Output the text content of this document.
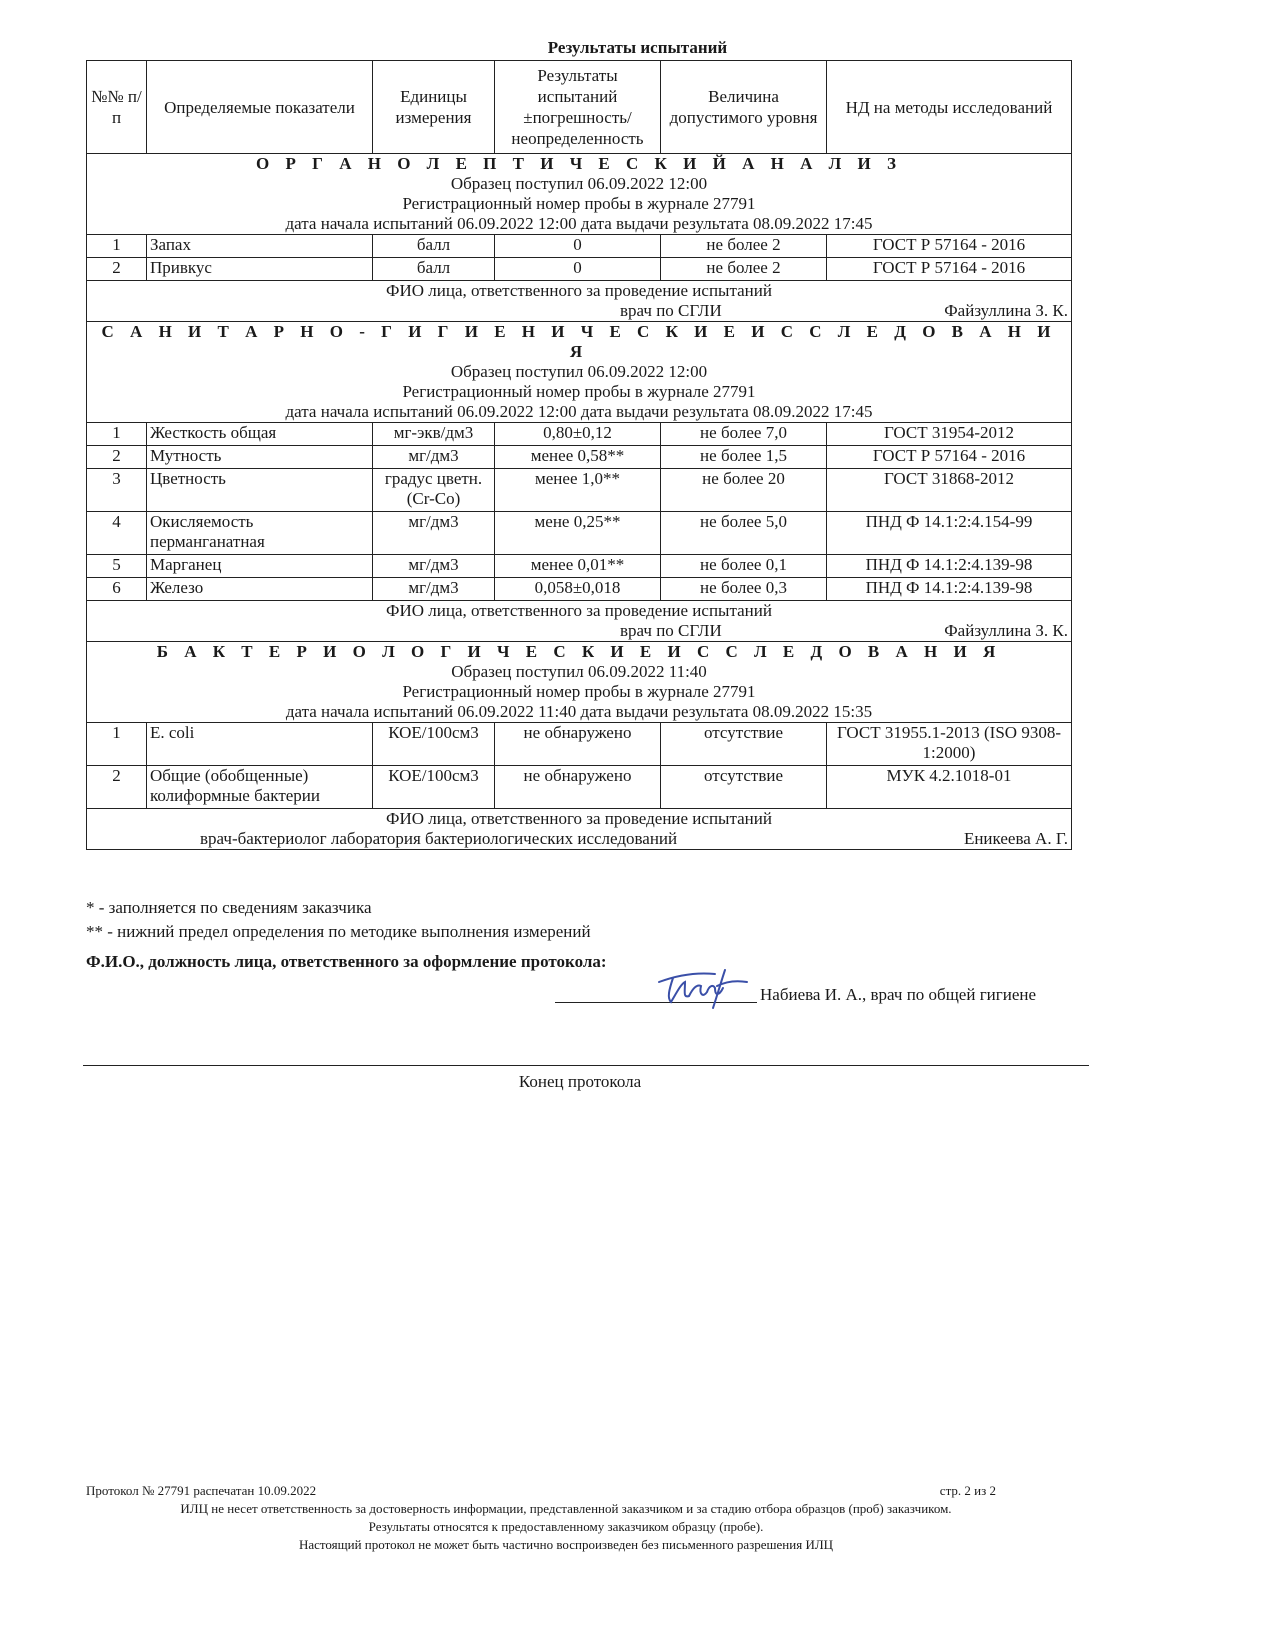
Результаты испытаний
№№ п/п	Определяемые показатели	Единицы измерения	Результаты испытаний ±погрешность/ неопределенность	Величина допустимого уровня	НД на методы исследований

О Р Г А Н О Л Е П Т И Ч Е С К И Й А Н А Л И З
Образец поступил 06.09.2022 12:00
Регистрационный номер пробы в журнале 27791
дата начала испытаний 06.09.2022 12:00 дата выдачи результата 08.09.2022 17:45					

1	Запах	балл	0	не более 2	ГОСТ Р 57164 - 2016
2	Привкус	балл	0	не более 2	ГОСТ Р 57164 - 2016

ФИО лица, ответственного за проведение испытаний
врач по СГЛИ Файзуллина З. К.					

С А Н И Т А Р Н О - Г И Г И Е Н И Ч Е С К И Е И С С Л Е Д О В А Н И Я
Образец поступил 06.09.2022 12:00
Регистрационный номер пробы в журнале 27791
дата начала испытаний 06.09.2022 12:00 дата выдачи результата 08.09.2022 17:45					

1	Жесткость общая	мг-экв/дм3	0,80±0,12	не более 7,0	ГОСТ 31954-2012
2	Мутность	мг/дм3	менее 0,58**	не более 1,5	ГОСТ Р 57164 - 2016
3	Цветность	градус цветн.(Cr-Co)	менее 1,0**	не более 20	ГОСТ 31868-2012
4	Окисляемость перманганатная	мг/дм3	мене 0,25**	не более 5,0	ПНД Ф 14.1:2:4.154-99
5	Марганец	мг/дм3	менее 0,01**	не более 0,1	ПНД Ф 14.1:2:4.139-98
6	Железо	мг/дм3	0,058±0,018	не более 0,3	ПНД Ф 14.1:2:4.139-98

ФИО лица, ответственного за проведение испытаний
врач по СГЛИ Файзуллина З. К.					

Б А К Т Е Р И О Л О Г И Ч Е С К И Е И С С Л Е Д О В А Н И Я
Образец поступил 06.09.2022 11:40
Регистрационный номер пробы в журнале 27791
дата начала испытаний 06.09.2022 11:40 дата выдачи результата 08.09.2022 15:35					

1	E. coli	КОЕ/100см3	не обнаружено	отсутствие	ГОСТ 31955.1-2013 (ISO 9308-1:2000)
2	Общие (обобщенные) колиформные бактерии	КОЕ/100см3	не обнаружено	отсутствие	МУК 4.2.1018-01

ФИО лица, ответственного за проведение испытаний
врач-бактериолог лаборатория бактериологических исследований Еникеева А. Г.					
* - заполняется по сведениям заказчика
** - нижний предел определения по методике выполнения измерений
Ф.И.О., должность лица, ответственного за оформление протокола:
Набиева И. А., врач по общей гигиене
Конец протокола
Протокол № 27791 распечатан 10.09.2022	стр. 2 из 2
ИЛЦ не несет ответственность за достоверность информации, представленной заказчиком и за стадию отбора образцов (проб) заказчиком.
Результаты относятся к предоставленному заказчиком образцу (пробе).
Настоящий протокол не может быть частично воспроизведен без письменного разрешения ИЛЦ
